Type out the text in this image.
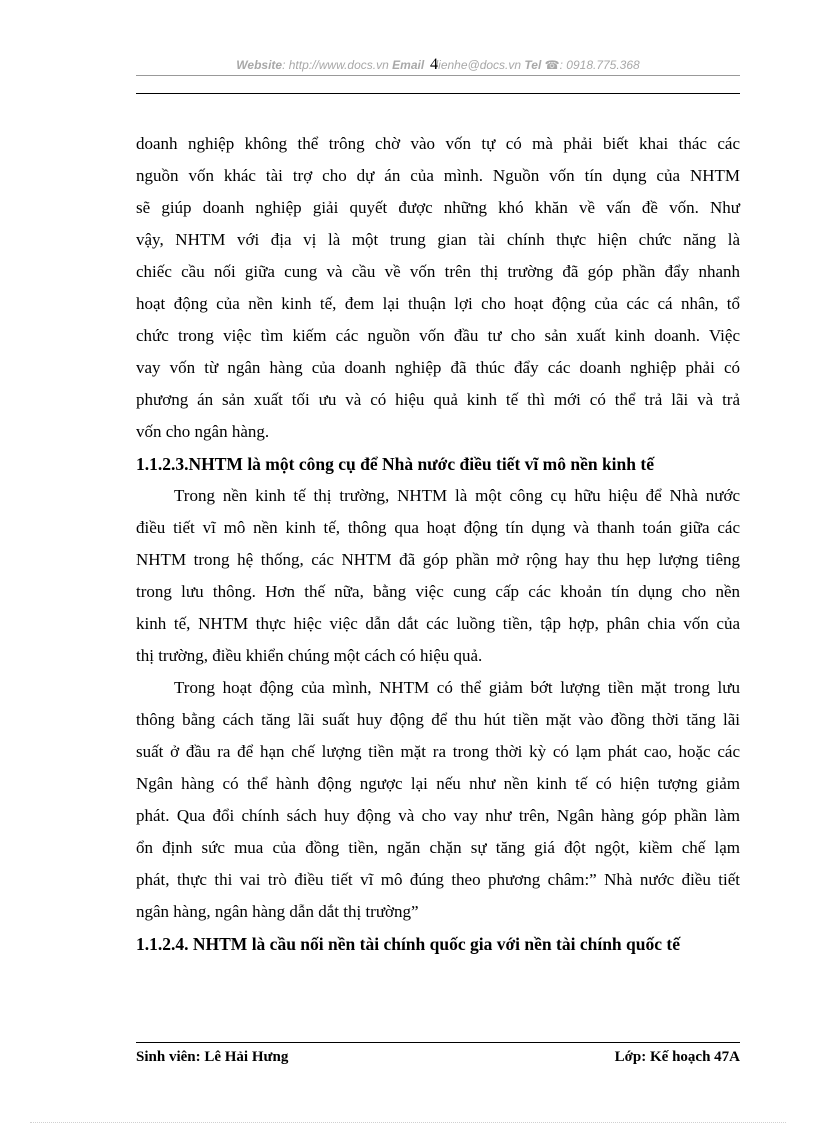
Website: http://www.docs.vn Email lienhe@docs.vn Tel ☎: 0918.775.368
4
doanh nghiệp không thể trông chờ vào vốn tự có mà phải biết khai thác các
nguồn vốn khác tài trợ cho dự án của mình. Nguồn vốn tín dụng của NHTM
sẽ giúp doanh nghiệp giải quyết được những khó khăn về vấn đề vốn. Như
vậy, NHTM với địa vị là một trung gian tài chính thực hiện chức năng là
chiếc cầu nối giữa cung và cầu về vốn trên thị trường đã góp phần đẩy nhanh
hoạt động của nền kinh tế, đem lại thuận lợi cho hoạt động của các cá nhân, tổ
chức trong việc tìm kiếm các nguồn vốn đầu tư cho sản xuất kinh doanh. Việc
vay vốn từ ngân hàng của doanh nghiệp đã thúc đẩy các doanh nghiệp phải có
phương án sản xuất tối ưu và có hiệu quả kinh tế thì mới có thể trả lãi và trả
vốn cho ngân hàng.
1.1.2.3.NHTM là một công cụ để Nhà nước điều tiết vĩ mô nền kinh tế
Trong nền kinh tế thị trường, NHTM là một công cụ hữu hiệu để Nhà nước
điều tiết vĩ mô nền kinh tế, thông qua hoạt động tín dụng và thanh toán giữa các
NHTM trong hệ thống, các NHTM đã góp phần mở rộng hay thu hẹp lượng tiêng
trong lưu thông. Hơn thế nữa, bằng việc cung cấp các khoản tín dụng cho nền
kinh tế, NHTM thực hiệc việc dẫn dắt các luồng tiền, tập hợp, phân chia vốn của
thị trường, điều khiển chúng một cách có hiệu quả.
Trong hoạt động của mình, NHTM có thể giảm bớt lượng tiền mặt trong lưu
thông bằng cách tăng lãi suất huy động để thu hút tiền mặt vào đồng thời tăng lãi
suất ở đầu ra để hạn chế lượng tiền mặt ra trong thời kỳ có lạm phát cao, hoặc các
Ngân hàng có thể hành động ngược lại nếu như nền kinh tế có hiện tượng giảm
phát. Qua đổi chính sách huy động và cho vay như trên, Ngân hàng góp phần làm
ổn định sức mua của đồng tiền, ngăn chặn sự tăng giá đột ngột, kiềm chế lạm
phát, thực thi vai trò điều tiết vĩ mô đúng theo phương châm:” Nhà nước điều tiết
ngân hàng, ngân hàng dẫn dắt thị trường”
1.1.2.4. NHTM là cầu nối nền tài chính quốc gia với nền tài chính quốc tế
Sinh viên: Lê Hải Hưng	Lớp: Kế hoạch 47A
